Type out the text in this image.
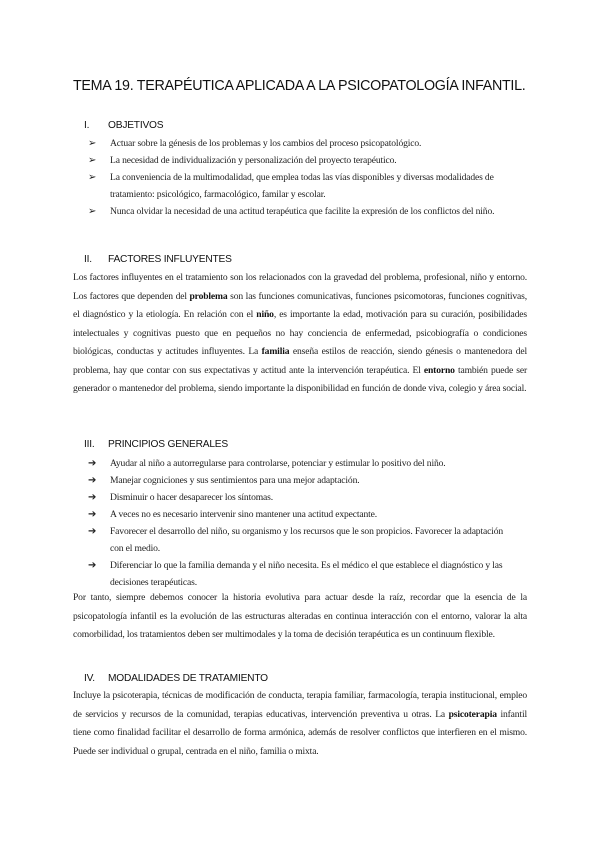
TEMA 19. TERAPÉUTICA APLICADA A LA PSICOPATOLOGÍA INFANTIL.
I. OBJETIVOS
➢ Actuar sobre la génesis de los problemas y los cambios del proceso psicopatológico.
➢ La necesidad de individualización y personalización del proyecto terapéutico.
➢ La conveniencia de la multimodalidad, que emplea todas las vías disponibles y diversas modalidades de tratamiento: psicológico, farmacológico, familar y escolar.
➢ Nunca olvidar la necesidad de una actitud terapéutica que facilite la expresión de los conflictos del niño.
II. FACTORES INFLUYENTES

Los factores influyentes en el tratamiento son los relacionados con la gravedad del problema, profesional, niño y entorno. Los factores que dependen del problema son las funciones comunicativas, funciones psicomotoras, funciones cognitivas, el diagnóstico y la etiología. En relación con el niño, es importante la edad, motivación para su curación, posibilidades intelectuales y cognitivas puesto que en pequeños no hay conciencia de enfermedad, psicobiografía o condiciones biológicas, conductas y actitudes influyentes. La familia enseña estilos de reacción, siendo génesis o mantenedora del problema, hay que contar con sus expectativas y actitud ante la intervención terapéutica. El entorno también puede ser generador o mantenedor del problema, siendo importante la disponibilidad en función de donde viva, colegio y área social.

III. PRINCIPIOS GENERALES
➔ Ayudar al niño a autorregularse para controlarse, potenciar y estimular lo positivo del niño.
➔ Manejar cogniciones y sus sentimientos para una mejor adaptación.
➔ Disminuir o hacer desaparecer los síntomas.
➔ A veces no es necesario intervenir sino mantener una actitud expectante.
➔ Favorecer el desarrollo del niño, su organismo y los recursos que le son propicios. Favorecer la adaptación con el medio.
➔ Diferenciar lo que la familia demanda y el niño necesita. Es el médico el que establece el diagnóstico y las decisiones terapéuticas.

Por tanto, siempre debemos conocer la historia evolutiva para actuar desde la raíz, recordar que la esencia de la psicopatología infantil es la evolución de las estructuras alteradas en continua interacción con el entorno, valorar la alta comorbilidad, los tratamientos deben ser multimodales y la toma de decisión terapéutica es un continuum flexible.

IV. MODALIDADES DE TRATAMIENTO

Incluye la psicoterapia, técnicas de modificación de conducta, terapia familiar, farmacología, terapia institucional, empleo de servicios y recursos de la comunidad, terapias educativas, intervención preventiva u otras. La psicoterapia infantil tiene como finalidad facilitar el desarrollo de forma armónica, además de resolver conflictos que interfieren en el mismo. Puede ser individual o grupal, centrada en el niño, familia o mixta.
